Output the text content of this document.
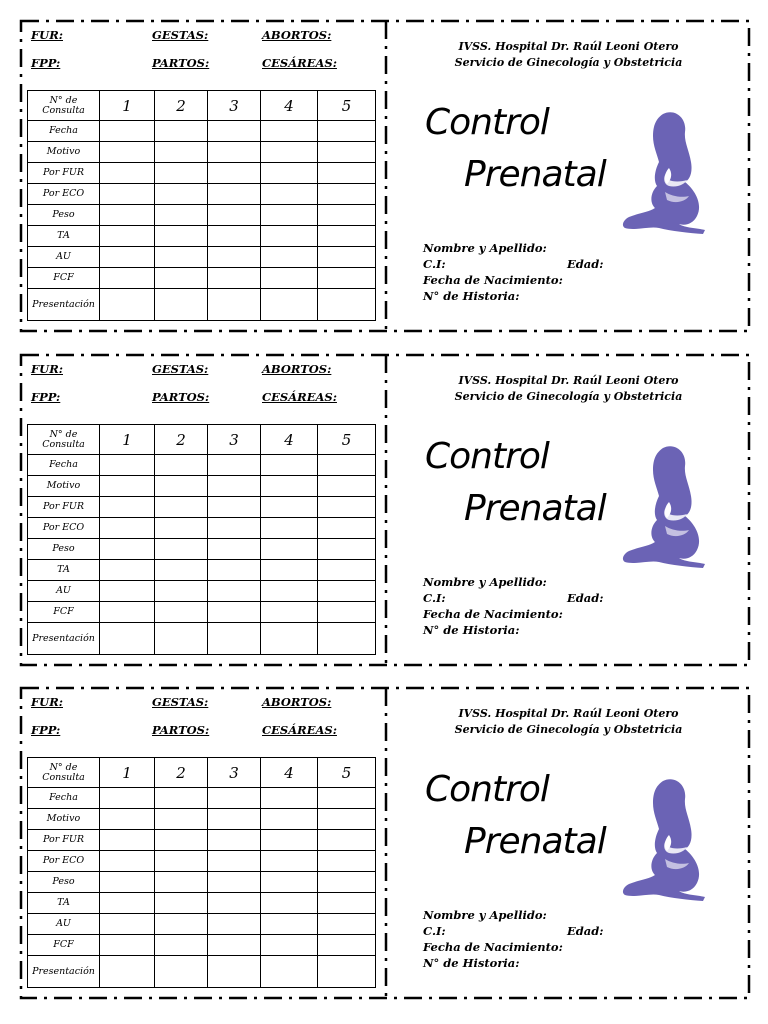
FUR:	GESTAS:	ABORTOS:
FPP:	PARTOS:	CESÁREAS:
N° de Consulta	1	2	3	4	5
Fecha					
Motivo					
Por FUR					
Por ECO					
Peso					
TA					
AU					
FCF					
Presentación					
IVSS. Hospital Dr. Raúl Leoni Otero
Servicio de Ginecología y Obstetricia
Control
Prenatal
Nombre y Apellido:
C.I:	Edad:
Fecha de Nacimiento:
N° de Historia:
FUR:	GESTAS:	ABORTOS:
FPP:	PARTOS:	CESÁREAS:
N° de Consulta	1	2	3	4	5
Fecha					
Motivo					
Por FUR					
Por ECO					
Peso					
TA					
AU					
FCF					
Presentación					
IVSS. Hospital Dr. Raúl Leoni Otero
Servicio de Ginecología y Obstetricia
Control
Prenatal
Nombre y Apellido:
C.I:	Edad:
Fecha de Nacimiento:
N° de Historia:
FUR:	GESTAS:	ABORTOS:
FPP:	PARTOS:	CESÁREAS:
N° de Consulta	1	2	3	4	5
Fecha					
Motivo					
Por FUR					
Por ECO					
Peso					
TA					
AU					
FCF					
Presentación					
IVSS. Hospital Dr. Raúl Leoni Otero
Servicio de Ginecología y Obstetricia
Control
Prenatal
Nombre y Apellido:
C.I:	Edad:
Fecha de Nacimiento:
N° de Historia:
